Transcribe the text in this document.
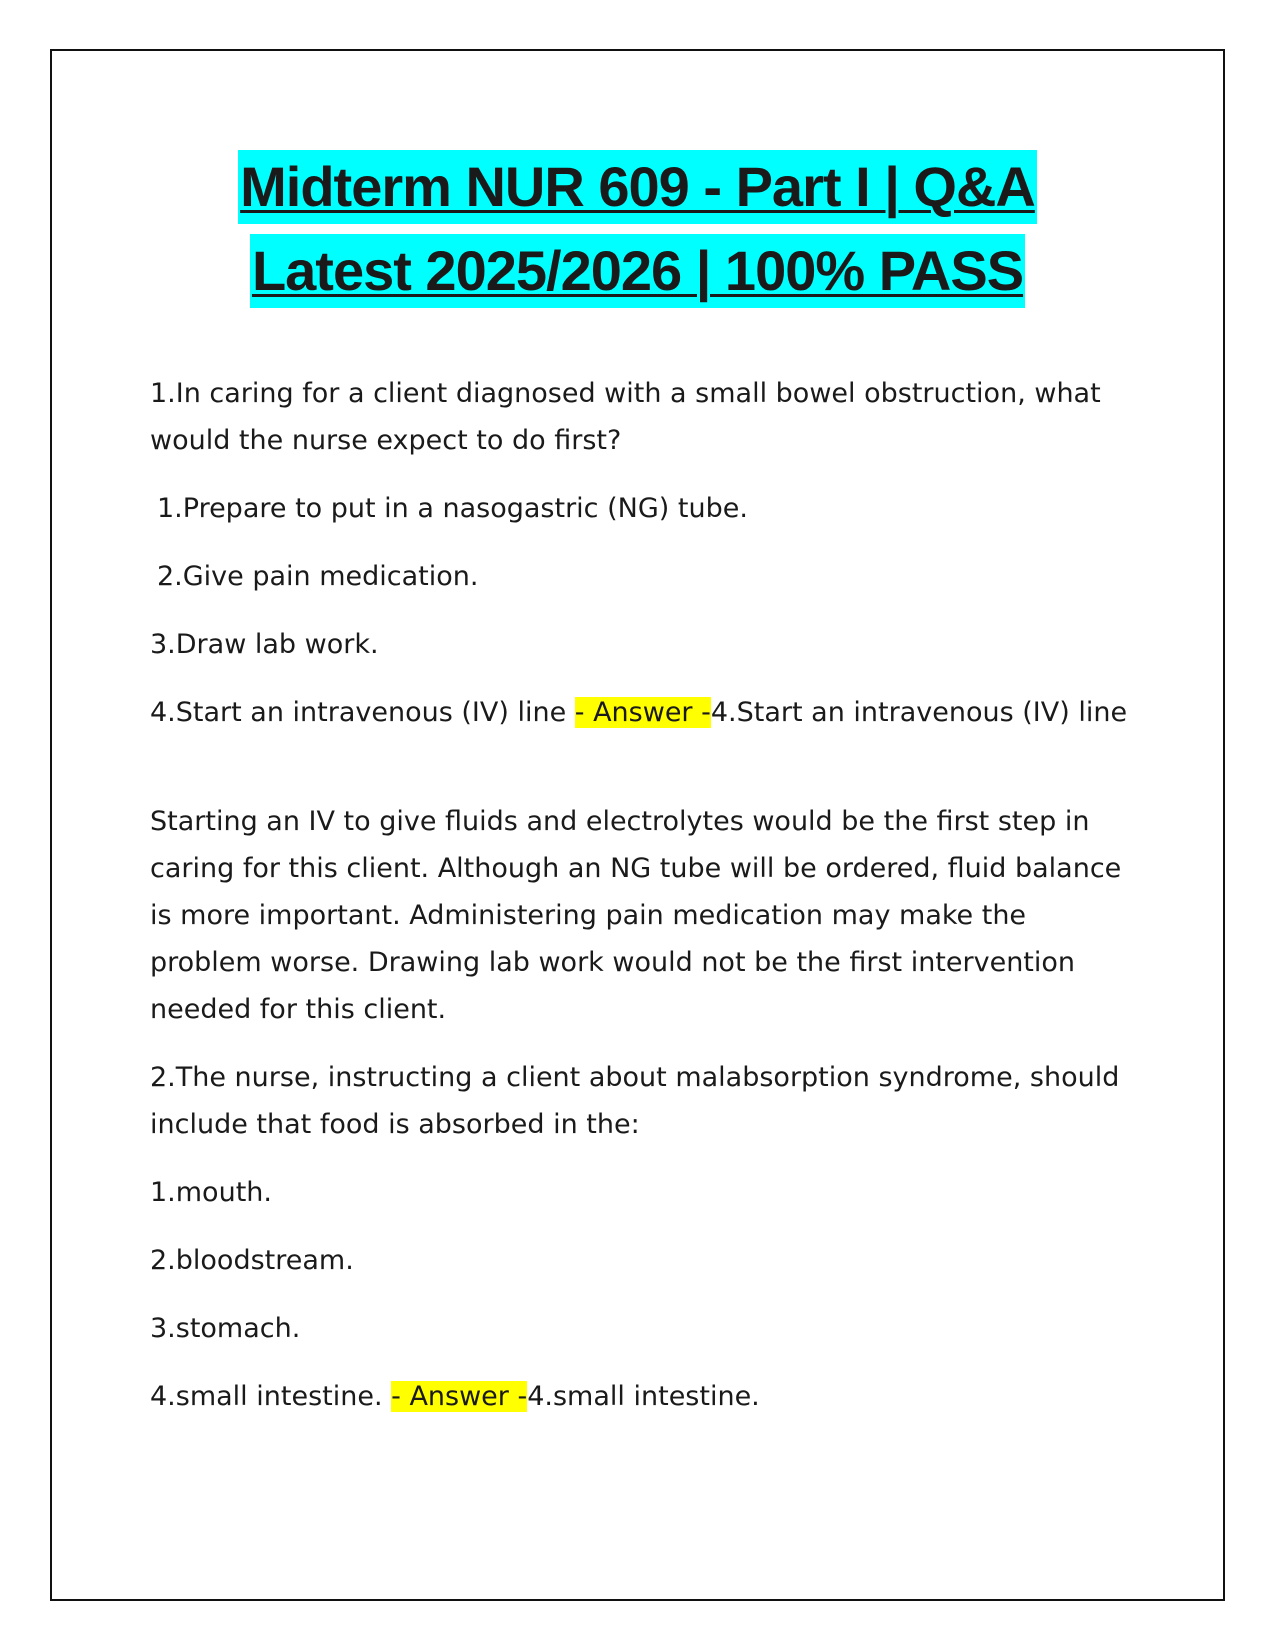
Midterm NUR 609 - Part I | Q&A
Latest 2025/2026 | 100% PASS

1.In caring for a client diagnosed with a small bowel obstruction, what would the nurse expect to do first?

1.Prepare to put in a nasogastric (NG) tube.

2.Give pain medication.

3.Draw lab work.

4.Start an intravenous (IV) line - Answer -4.Start an intravenous (IV) line

Starting an IV to give fluids and electrolytes would be the first step in caring for this client. Although an NG tube will be ordered, fluid balance is more important. Administering pain medication may make the problem worse. Drawing lab work would not be the first intervention needed for this client.

2.The nurse, instructing a client about malabsorption syndrome, should include that food is absorbed in the:

1.mouth.

2.bloodstream.

3.stomach.

4.small intestine. - Answer -4.small intestine.
